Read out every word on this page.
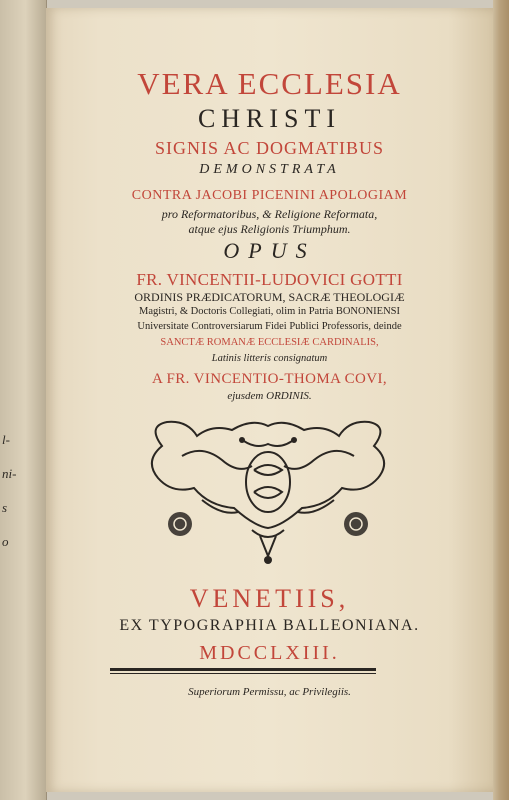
l-
ni-
s
o
VERA ECCLESIA
CHRISTI
SIGNIS AC DOGMATIBUS
DEMONSTRATA
CONTRA JACOBI PICENINI APOLOGIAM
pro Reformatoribus, & Religione Reformata,
atque ejus Religionis Triumphum.
OPUS
FR. VINCENTII-LUDOVICI GOTTI
ORDINIS PRÆDICATORUM, SACRÆ THEOLOGIÆ
Magistri, & Doctoris Collegiati, olim in Patria BONONIENSI
Universitate Controversiarum Fidei Publici Professoris, deinde
SANCTÆ ROMANÆ ECCLESIÆ CARDINALIS,
Latinis litteris consignatum
A FR. VINCENTIO-THOMA COVI,
ejusdem ORDINIS.
VENETIIS,
EX TYPOGRAPHIA BALLEONIANA.
MDCCLXIII.
Superiorum Permissu, ac Privilegiis.
